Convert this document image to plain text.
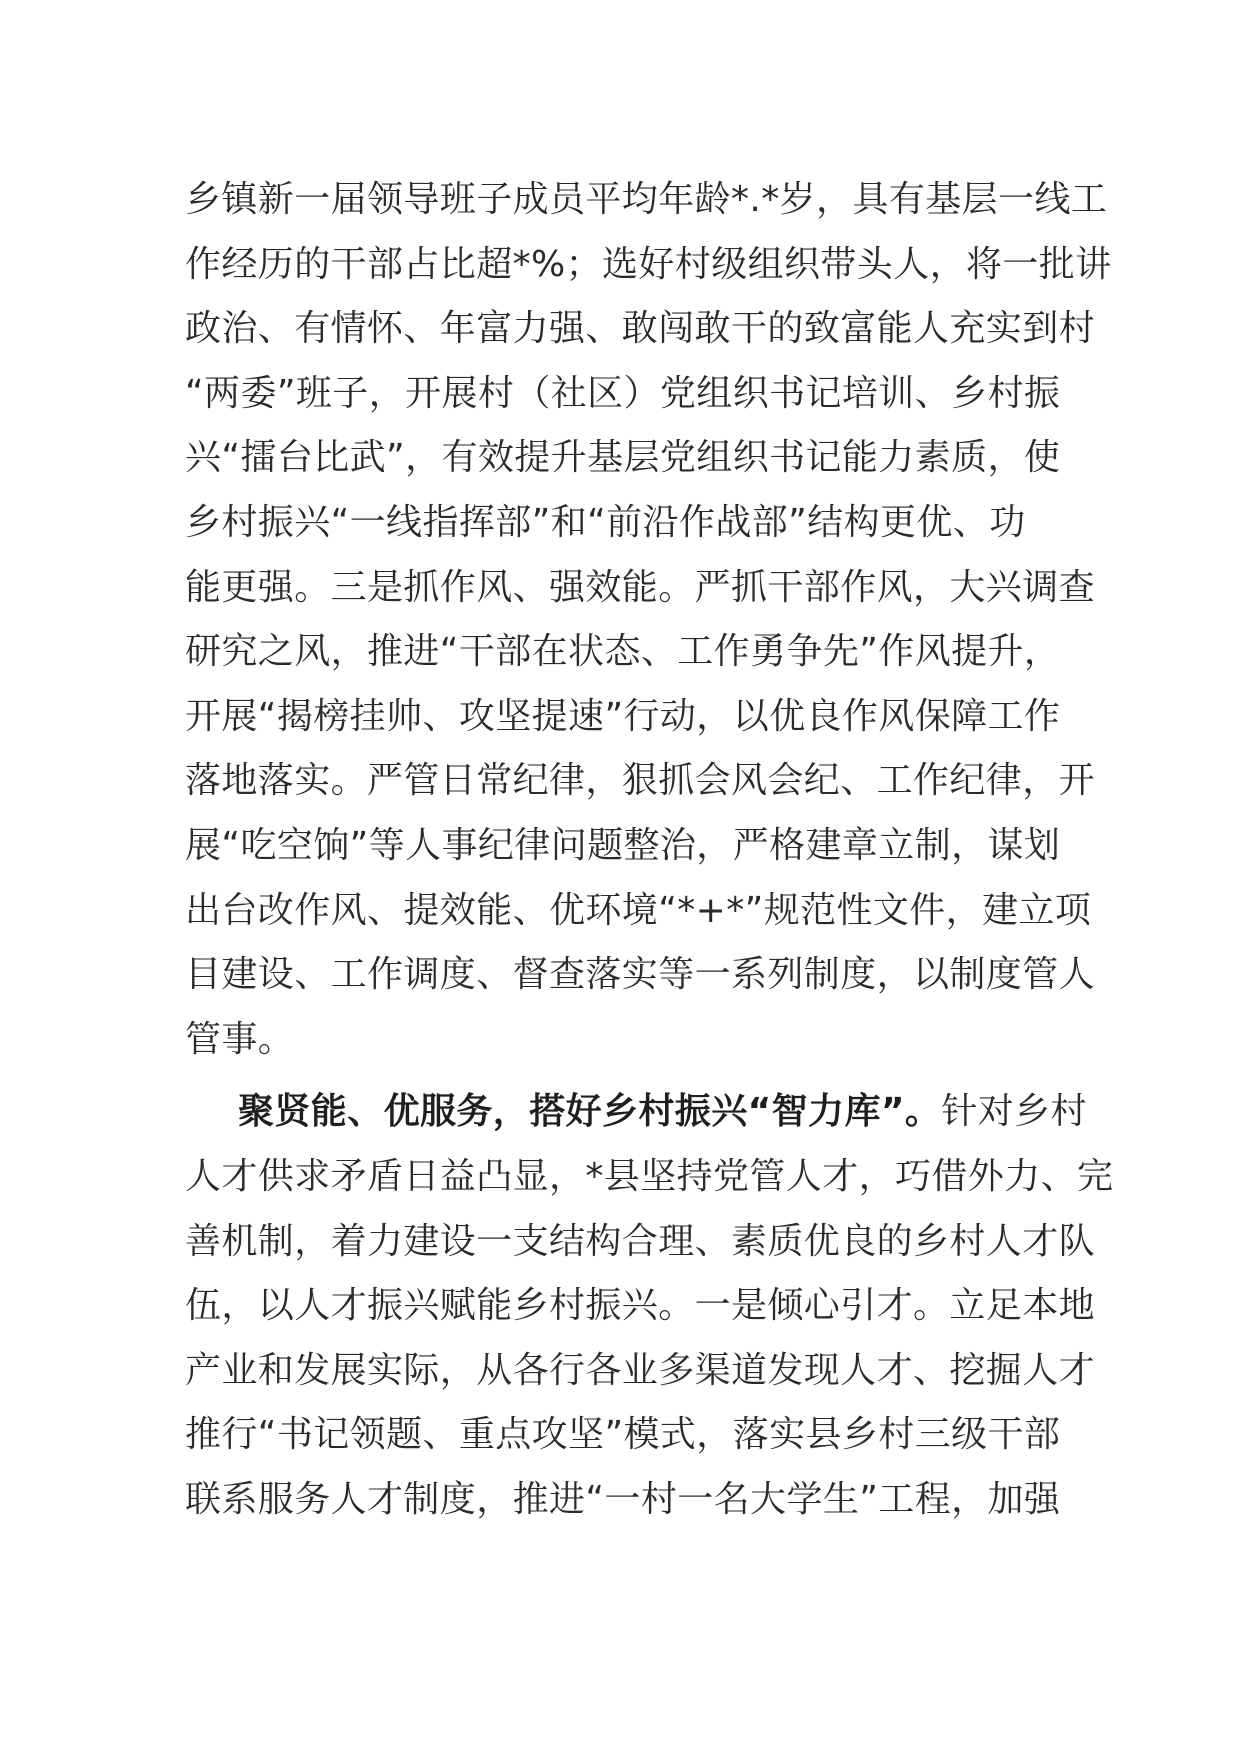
乡镇新一届领导班子成员平均年龄*.*岁，具有基层一线工
作经历的干部占比超*%；选好村级组织带头人，将一批讲
政治、有情怀、年富力强、敢闯敢干的致富能人充实到村
“两委”班子，开展村（社区）党组织书记培训、乡村振
兴“擂台比武”，有效提升基层党组织书记能力素质，使
乡村振兴“一线指挥部”和“前沿作战部”结构更优、功
能更强。三是抓作风、强效能。严抓干部作风，大兴调查
研究之风，推进“干部在状态、工作勇争先”作风提升，
开展“揭榜挂帅、攻坚提速”行动，以优良作风保障工作
落地落实。严管日常纪律，狠抓会风会纪、工作纪律，开
展“吃空饷”等人事纪律问题整治，严格建章立制，谋划
出台改作风、提效能、优环境“*+*”规范性文件，建立项
目建设、工作调度、督查落实等一系列制度，以制度管人
管事。
聚贤能、优服务，搭好乡村振兴“智力库”。针对乡村
人才供求矛盾日益凸显，*县坚持党管人才，巧借外力、完
善机制，着力建设一支结构合理、素质优良的乡村人才队
伍，以人才振兴赋能乡村振兴。一是倾心引才。立足本地
产业和发展实际，从各行各业多渠道发现人才、挖掘人才
推行“书记领题、重点攻坚”模式，落实县乡村三级干部
联系服务人才制度，推进“一村一名大学生”工程，加强
